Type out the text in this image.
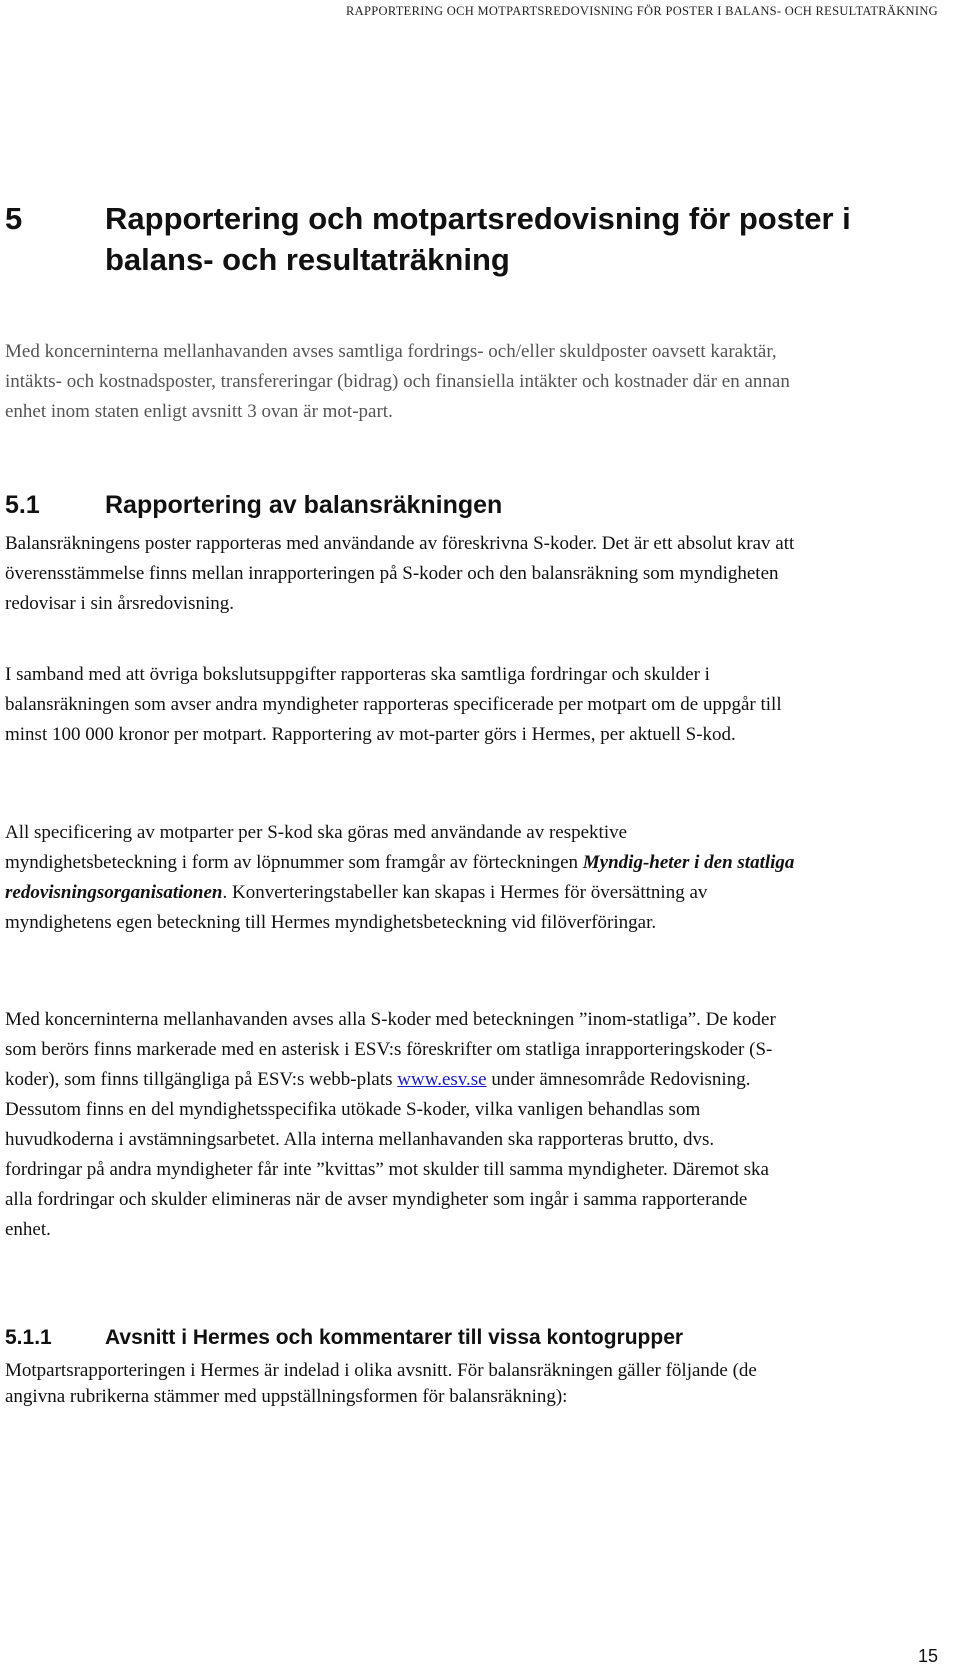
RAPPORTERING OCH MOTPARTSREDOVISNING FÖR POSTER I BALANS- OCH RESULTATRÄKNING
5	Rapportering och motpartsredovisning för poster i balans- och resultaträkning

Med koncerninterna mellanhavanden avses samtliga fordrings- och/eller skuldposter oavsett karaktär, intäkts- och kostnadsposter, transfereringar (bidrag) och finansiella intäkter och kostnader där en annan enhet inom staten enligt avsnitt 3 ovan är mot-part.

5.1	Rapportering av balansräkningen

Balansräkningens poster rapporteras med användande av föreskrivna S-koder. Det är ett absolut krav att överensstämmelse finns mellan inrapporteringen på S-koder och den balansräkning som myndigheten redovisar i sin årsredovisning.

I samband med att övriga bokslutsuppgifter rapporteras ska samtliga fordringar och skulder i balansräkningen som avser andra myndigheter rapporteras specificerade per motpart om de uppgår till minst 100 000 kronor per motpart. Rapportering av mot-parter görs i Hermes, per aktuell S-kod.

All specificering av motparter per S-kod ska göras med användande av respektive myndighetsbeteckning i form av löpnummer som framgår av förteckningen Myndig-heter i den statliga redovisningsorganisationen. Konverteringstabeller kan skapas i Hermes för översättning av myndighetens egen beteckning till Hermes myndighetsbeteckning vid filöverföringar.

Med koncerninterna mellanhavanden avses alla S-koder med beteckningen ”inom-statliga”. De koder som berörs finns markerade med en asterisk i ESV:s föreskrifter om statliga inrapporteringskoder (S-koder), som finns tillgängliga på ESV:s webb-plats www.esv.se under ämnesområde Redovisning. Dessutom finns en del myndighetsspecifika utökade S-koder, vilka vanligen behandlas som huvudkoderna i avstämningsarbetet. Alla interna mellanhavanden ska rapporteras brutto, dvs. fordringar på andra myndigheter får inte ”kvittas” mot skulder till samma myndigheter. Däremot ska alla fordringar och skulder elimineras när de avser myndigheter som ingår i samma rapporterande enhet.

5.1.1	Avsnitt i Hermes och kommentarer till vissa kontogrupper

Motpartsrapporteringen i Hermes är indelad i olika avsnitt. För balansräkningen gäller följande (de angivna rubrikerna stämmer med uppställningsformen för balansräkning):

15
